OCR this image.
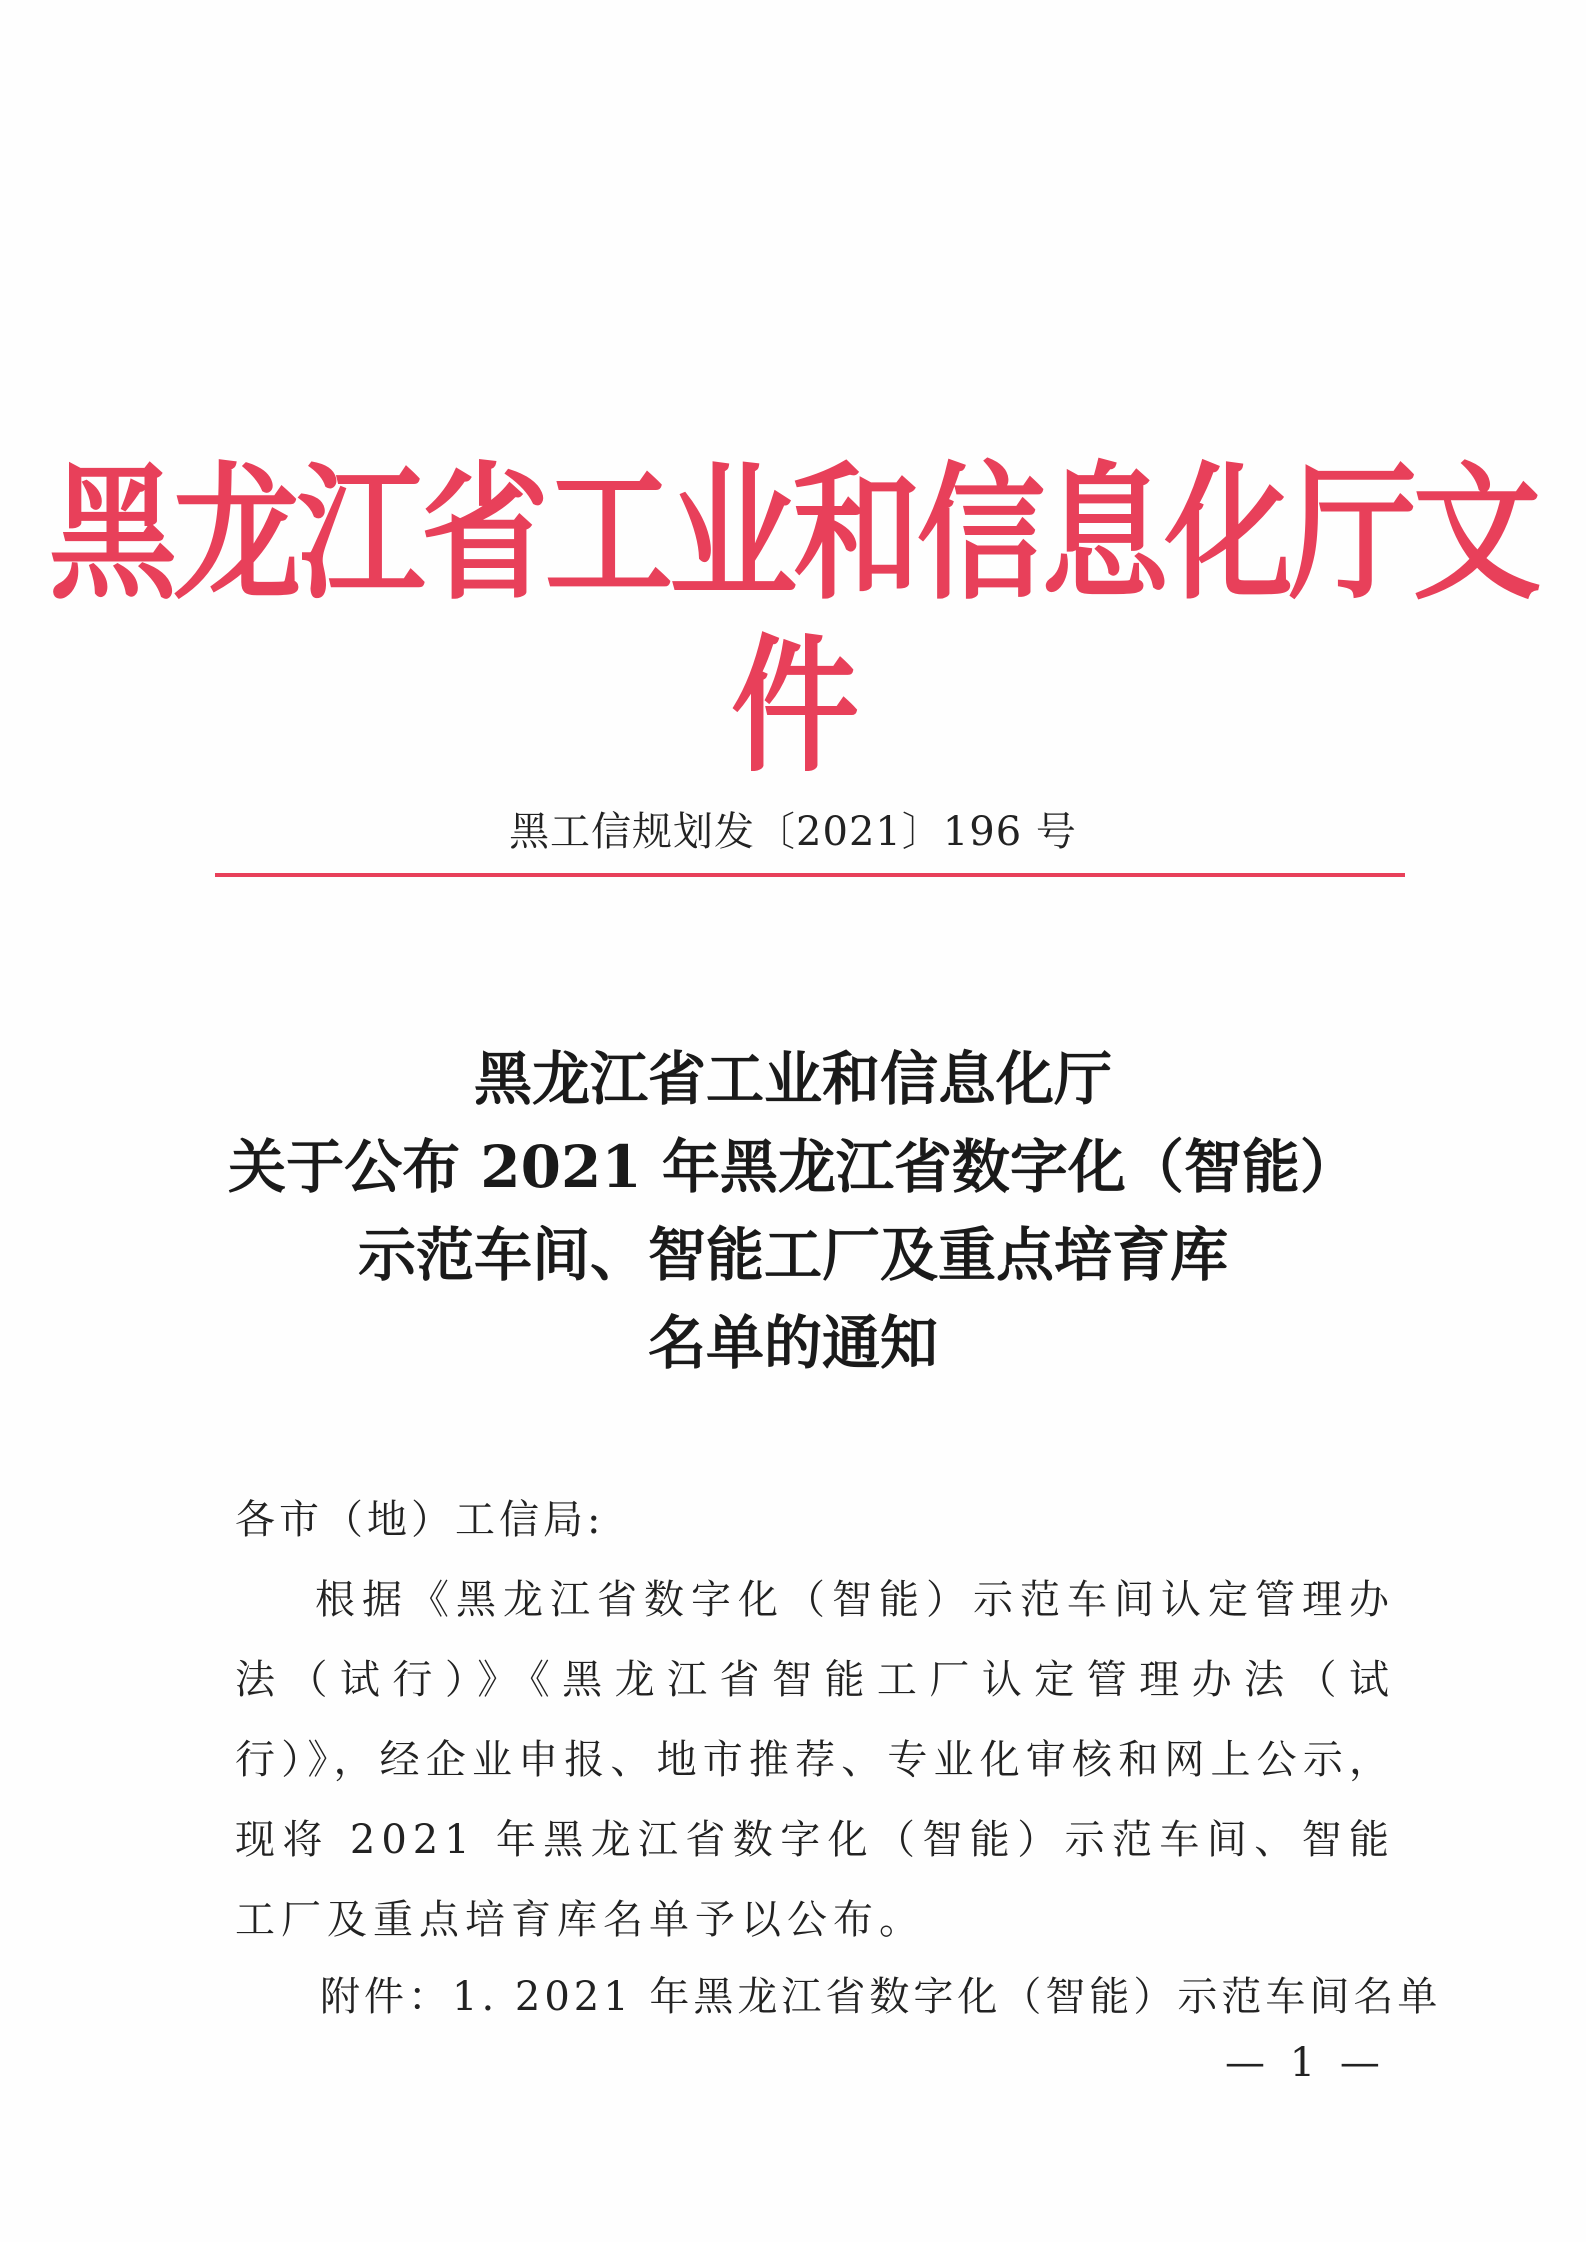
黑龙江省工业和信息化厅文件
黑工信规划发〔2021〕196 号
黑龙江省工业和信息化厅
关于公布 2021 年黑龙江省数字化（智能）
示范车间、智能工厂及重点培育库
名单的通知
各市（地）工信局:
根据《黑龙江省数字化（智能）示范车间认定管理办法（试行）》《黑龙江省智能工厂认定管理办法（试行）》，经企业申报、地市推荐、专业化审核和网上公示，现将 2021 年黑龙江省数字化（智能）示范车间、智能工厂及重点培育库名单予以公布。
附件：1. 2021 年黑龙江省数字化（智能）示范车间名单
— 1 —
